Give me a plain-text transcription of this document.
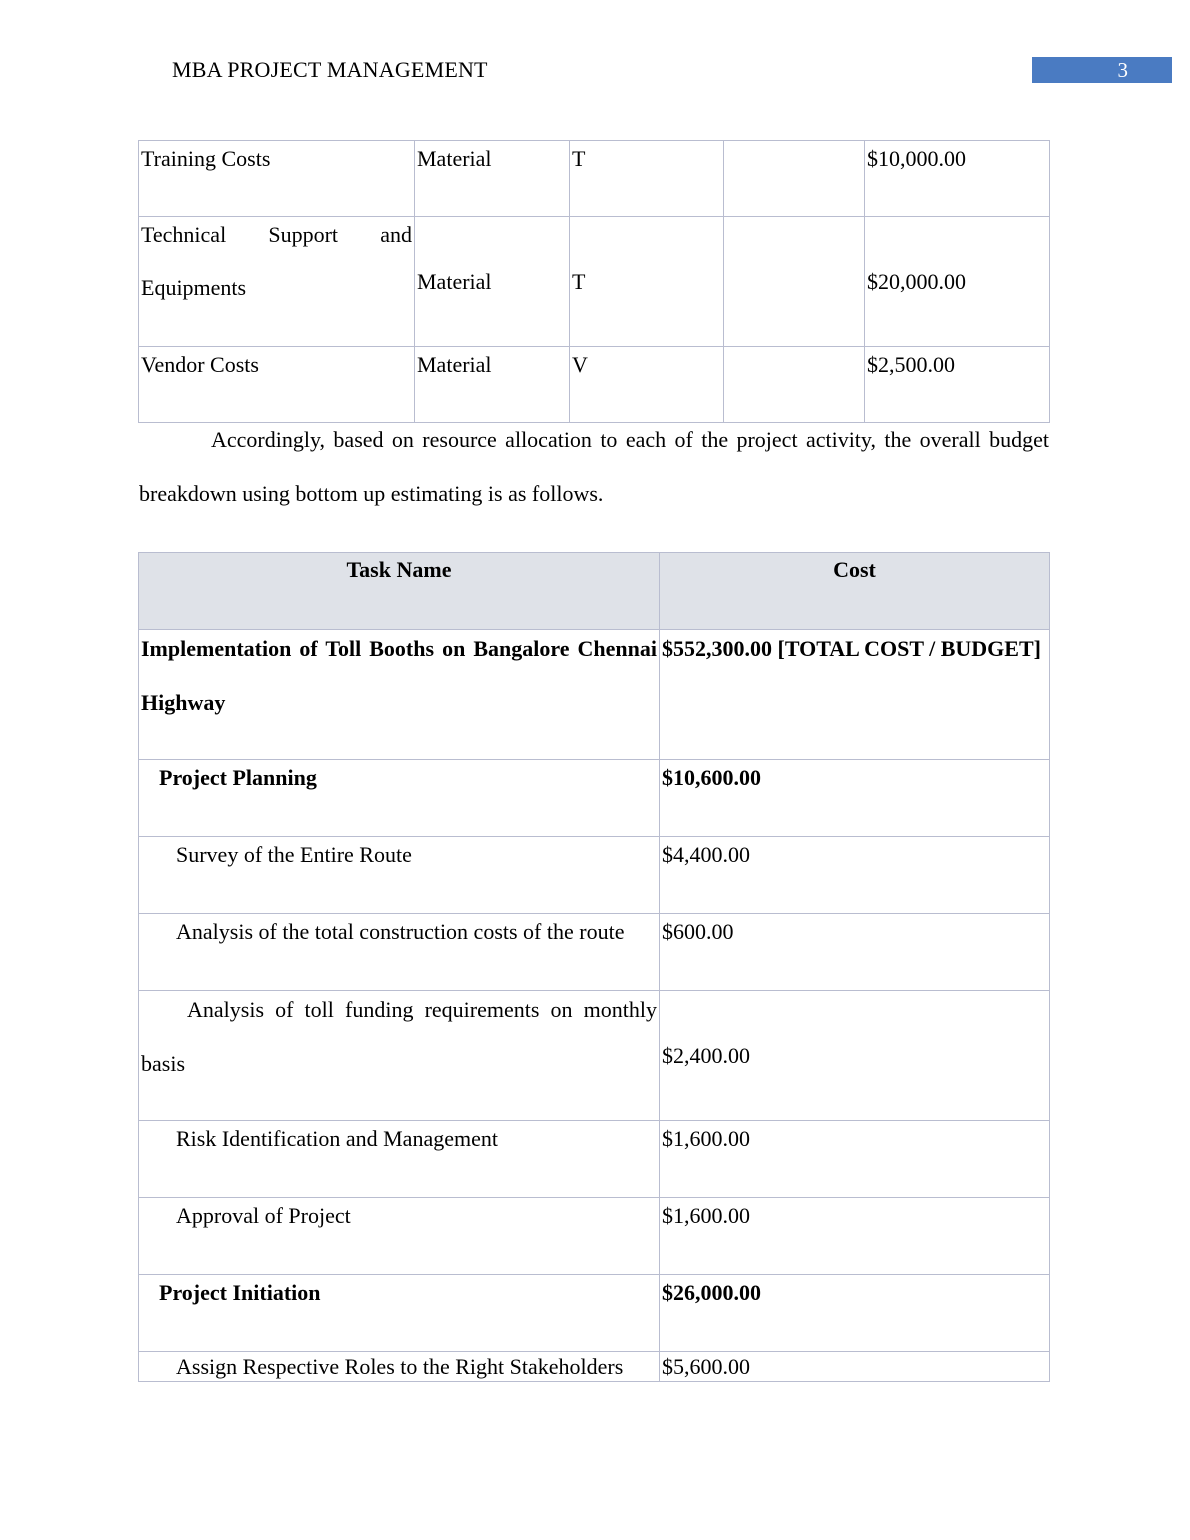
MBA PROJECT MANAGEMENT	3
Training Costs	Material	T		$10,000.00

Technical Support and
Equipments	Material	T		$20,000.00
Vendor Costs	Material	V		$2,500.00
Accordingly, based on resource allocation to each of the project activity, the overall budget breakdown using bottom up estimating is as follows.
Task Name	Cost

Implementation of Toll Booths on Bangalore Chennai Highway	$552,300.00 [TOTAL COST / BUDGET]

Project Planning	$10,600.00
Survey of the Entire Route	$4,400.00
Analysis of the total construction costs of the route	$600.00

Analysis of toll funding requirements on monthly basis	$2,400.00
Risk Identification and Management	$1,600.00
Approval of Project	$1,600.00
Project Initiation	$26,000.00
Assign Respective Roles to the Right Stakeholders	$5,600.00
